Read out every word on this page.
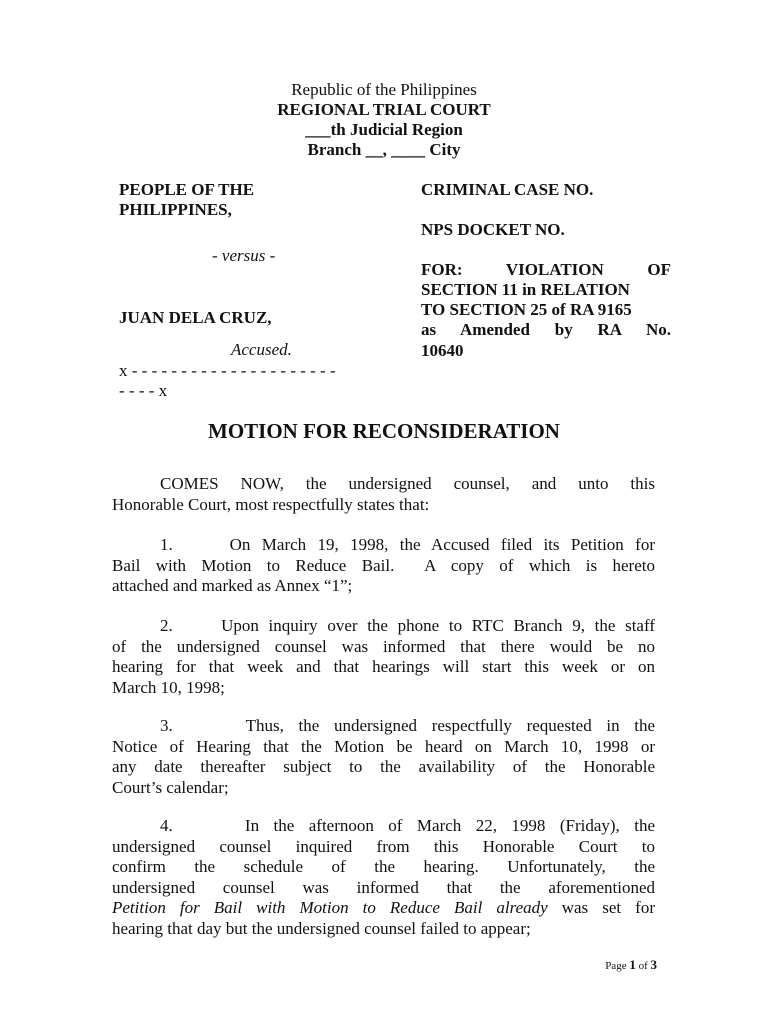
Republic of the Philippines
REGIONAL TRIAL COURT
___th Judicial Region
Branch __, ____ City
PEOPLE OF THE
PHILIPPINES,
- versus -
JUAN DELA CRUZ,
Accused.
x - - - - - - - - - - - - - - - - - - - - -
- - - - x
CRIMINAL CASE NO.
NPS DOCKET NO.
FOR: VIOLATION OF
SECTION 11 in RELATION
TO SECTION 25 of RA 9165
as Amended by RA No.
10640
MOTION FOR RECONSIDERATION
COMES NOW, the undersigned counsel, and unto this
Honorable Court, most respectfully states that:
1.     On March 19, 1998, the Accused filed its Petition for
Bail with Motion to Reduce Bail.  A copy of which is hereto
attached and marked as Annex “1”;
2.     Upon inquiry over the phone to RTC Branch 9, the staff
of the undersigned counsel was informed that there would be no
hearing for that week and that hearings will start this week or on
March 10, 1998;
3.     Thus, the undersigned respectfully requested in the
Notice of Hearing that the Motion be heard on March 10, 1998 or
any date thereafter subject to the availability of the Honorable
Court’s calendar;
4.     In the afternoon of March 22, 1998 (Friday), the
undersigned counsel inquired from this Honorable Court to
confirm the schedule of the hearing. Unfortunately, the
undersigned counsel was informed that the aforementioned
Petition for Bail with Motion to Reduce Bail already was set for
hearing that day but the undersigned counsel failed to appear;
Page 1 of 3
